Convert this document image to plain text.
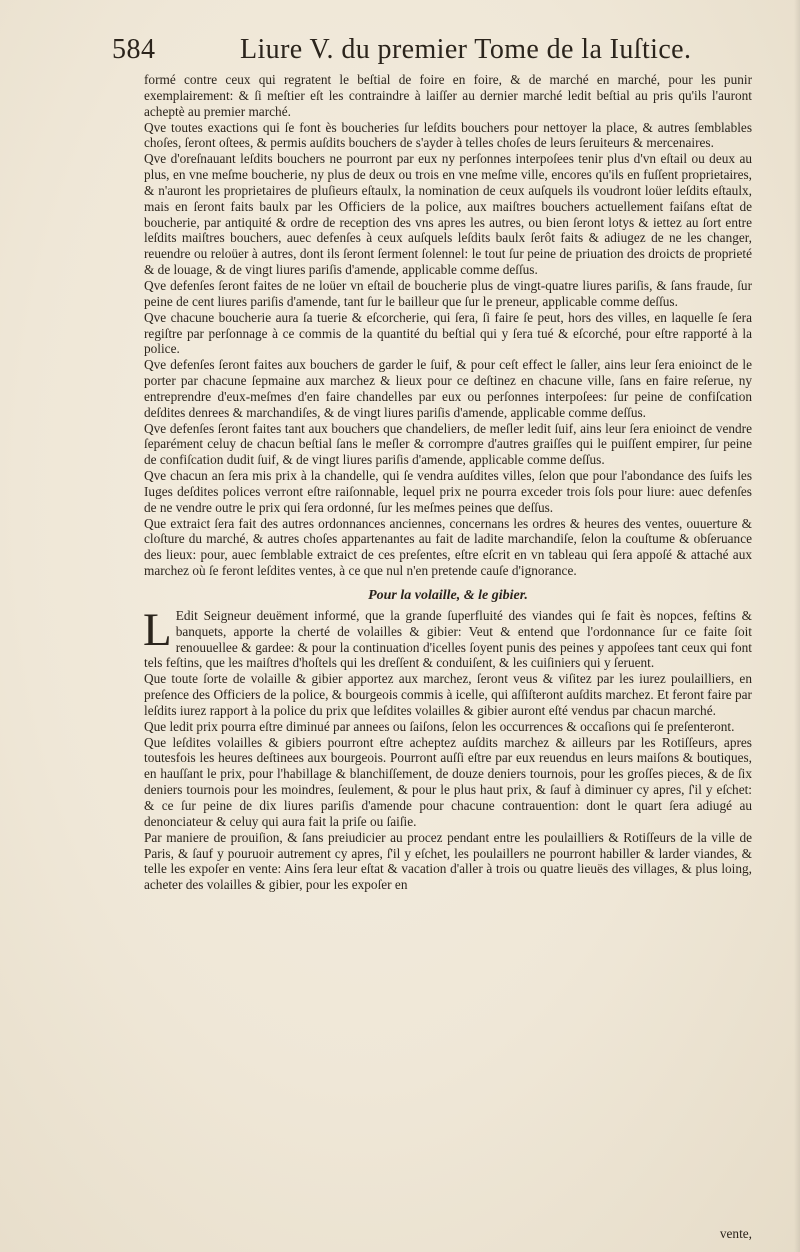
584	Liure V. du premier Tome de la Iuſtice.

formé contre ceux qui regratent le beſtial de foire en foire, & de marché en marché, pour les punir exemplairement: & ſi meſtier eſt les contraindre à laiſſer au dernier marché ledit beſtial au pris qu'ils l'auront acheptè au premier marché.

Qve toutes exactions qui ſe font ès boucheries ſur leſdits bouchers pour nettoyer la place, & autres ſemblables choſes, ſeront oſtees, & permis auſdits bouchers de s'ayder à telles choſes de leurs ſeruiteurs & mercenaires.

Qve d'oreſnauant leſdits bouchers ne pourront par eux ny perſonnes interpoſees tenir plus d'vn eſtail ou deux au plus, en vne meſme boucherie, ny plus de deux ou trois en vne meſme ville, encores qu'ils en fuſſent proprietaires, & n'auront les proprietaires de pluſieurs eſtaulx, la nomination de ceux auſquels ils voudront loüer leſdits eſtaulx, mais en ſeront faits baulx par les Officiers de la police, aux maiſtres bouchers actuellement faiſans eſtat de boucherie, par antiquité & ordre de reception des vns apres les autres, ou bien ſeront lotys & iettez au ſort entre leſdits maiſtres bouchers, auec defenſes à ceux auſquels leſdits baulx ſerôt faits & adiugez de ne les changer, reuendre ou reloüer à autres, dont ils ſeront ſerment ſolennel: le tout ſur peine de priuation des droicts de proprieté & de louage, & de vingt liures pariſis d'amende, applicable comme deſſus.

Qve defenſes ſeront faites de ne loüer vn eſtail de boucherie plus de vingt-quatre liures pariſis, & ſans fraude, ſur peine de cent liures pariſis d'amende, tant ſur le bailleur que ſur le preneur, applicable comme deſſus.

Qve chacune boucherie aura ſa tuerie & eſcorcherie, qui ſera, ſi faire ſe peut, hors des villes, en laquelle ſe ſera regiſtre par perſonnage à ce commis de la quantité du beſtial qui y ſera tué & eſcorché, pour eſtre rapporté à la police.

Qve defenſes ſeront faites aux bouchers de garder le ſuif, & pour ceſt effect le ſaller, ains leur ſera enioinct de le porter par chacune ſepmaine aux marchez & lieux pour ce deſtinez en chacune ville, ſans en faire reſerue, ny entreprendre d'eux-meſmes d'en faire chandelles par eux ou perſonnes interpoſees: ſur peine de confiſcation deſdites denrees & marchandiſes, & de vingt liures pariſis d'amende, applicable comme deſſus.

Qve defenſes ſeront faites tant aux bouchers que chandeliers, de meſler ledit ſuif, ains leur ſera enioinct de vendre ſeparément celuy de chacun beſtial ſans le meſler & corrompre d'autres graiſſes qui le puiſſent empirer, ſur peine de confiſcation dudit ſuif, & de vingt liures pariſis d'amende, applicable comme deſſus.

Qve chacun an ſera mis prix à la chandelle, qui ſe vendra auſdites villes, ſelon que pour l'abondance des ſuifs les Iuges deſdites polices verront eſtre raiſonnable, lequel prix ne pourra exceder trois ſols pour liure: auec defenſes de ne vendre outre le prix qui ſera ordonné, ſur les meſmes peines que deſſus.

Que extraict ſera fait des autres ordonnances anciennes, concernans les ordres & heures des ventes, ouuerture & cloſture du marché, & autres choſes appartenantes au fait de ladite marchandiſe, ſelon la couſtume & obſeruance des lieux: pour, auec ſemblable extraict de ces preſentes, eſtre eſcrit en vn tableau qui ſera appoſé & attaché aux marchez où ſe feront leſdites ventes, à ce que nul n'en pretende cauſe d'ignorance.

Pour la volaille, & le gibier.

L Edit Seigneur deuëment informé, que la grande ſuperfluité des viandes qui ſe fait ès nopces, feſtins & banquets, apporte la cherté de volailles & gibier: Veut & entend que l'ordonnance ſur ce faite ſoit renouuellee & gardee: & pour la continuation d'icelles ſoyent punis des peines y appoſees tant ceux qui font tels feſtins, que les maiſtres d'hoſtels qui les dreſſent & conduiſent, & les cuiſiniers qui y ſeruent.

Que toute ſorte de volaille & gibier apportez aux marchez, ſeront veus & viſitez par les iurez poulailliers, en preſence des Officiers de la police, & bourgeois commis à icelle, qui aſſiſteront auſdits marchez. Et feront faire par leſdits iurez rapport à la police du prix que leſdites volailles & gibier auront eſté vendus par chacun marché.

Que ledit prix pourra eſtre diminué par annees ou ſaiſons, ſelon les occurrences & occaſions qui ſe preſenteront.

Que leſdites volailles & gibiers pourront eſtre acheptez auſdits marchez & ailleurs par les Rotiſſeurs, apres toutesfois les heures deſtinees aux bourgeois. Pourront auſſi eſtre par eux reuendus en leurs maiſons & boutiques, en hauſſant le prix, pour l'habillage & blanchiſſement, de douze deniers tournois, pour les groſſes pieces, & de ſix deniers tournois pour les moindres, ſeulement, & pour le plus haut prix, & ſauf à diminuer cy apres, ſ'il y eſchet: & ce ſur peine de dix liures pariſis d'amende pour chacune contrauention: dont le quart ſera adiugé au denonciateur & celuy qui aura fait la priſe ou ſaiſie.

Par maniere de prouiſion, & ſans preiudicier au procez pendant entre les poulailliers & Rotiſſeurs de la ville de Paris, & ſauf y pouruoir autrement cy apres, ſ'il y eſchet, les poulaillers ne pourront habiller & larder viandes, & telle les expoſer en vente: Ains ſera leur eſtat & vacation d'aller à trois ou quatre lieuës des villages, & plus loing, acheter des volailles & gibier, pour les expoſer en

vente,
